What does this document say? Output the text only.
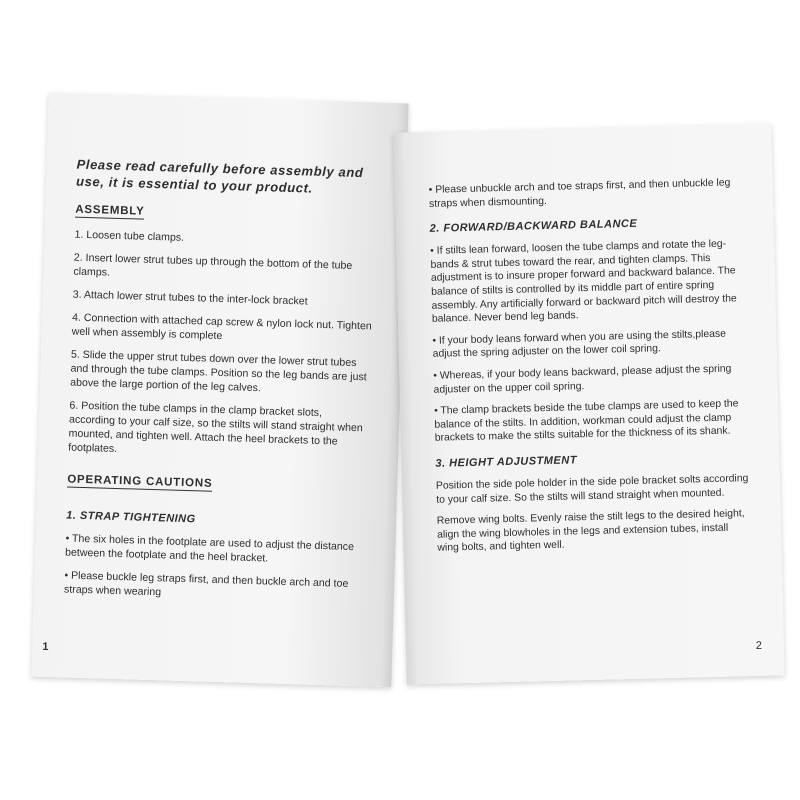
Please read carefully before assembly and use, it is essential to your product.
ASSEMBLY

1. Loosen tube clamps.

2. Insert lower strut tubes up through the bottom of the tube clamps.

3. Attach lower strut tubes to the inter-lock bracket

4. Connection with attached cap screw & nylon lock nut. Tighten well when assembly is complete

5. Slide the upper strut tubes down over the lower strut tubes and through the tube clamps. Position so the leg bands are just above the large portion of the leg calves.

6. Position the tube clamps in the clamp bracket slots, according to your calf size, so the stilts will stand straight when mounted, and tighten well. Attach the heel brackets to the footplates.

OPERATING CAUTIONS
1. STRAP TIGHTENING

• The six holes in the footplate are used to adjust the distance between the footplate and the heel bracket.

• Please buckle leg straps first, and then buckle arch and toe straps when wearing

1

• Please unbuckle arch and toe straps first, and then unbuckle leg straps when dismounting.

2. FORWARD/BACKWARD BALANCE

• If stilts lean forward, loosen the tube clamps and rotate the leg-bands & strut tubes toward the rear, and tighten clamps. This adjustment is to insure proper forward and backward balance. The balance of stilts is controlled by its middle part of entire spring assembly. Any artificially forward or backward pitch will destroy the balance. Never bend leg bands.

• If your body leans forward when you are using the stilts,please adjust the spring adjuster on the lower coil spring.

• Whereas, if your body leans backward, please adjust the spring adjuster on the upper coil spring.

• The clamp brackets beside the tube clamps are used to keep the balance of the stilts. In addition, workman could adjust the clamp brackets to make the stilts suitable for the thickness of its shank.

3. HEIGHT ADJUSTMENT

Position the side pole holder in the side pole bracket solts according to your calf size. So the stilts will stand straight when mounted.

Remove wing bolts. Evenly raise the stilt legs to the desired height, align the wing blowholes in the legs and extension tubes, install wing bolts, and tighten well.

2
